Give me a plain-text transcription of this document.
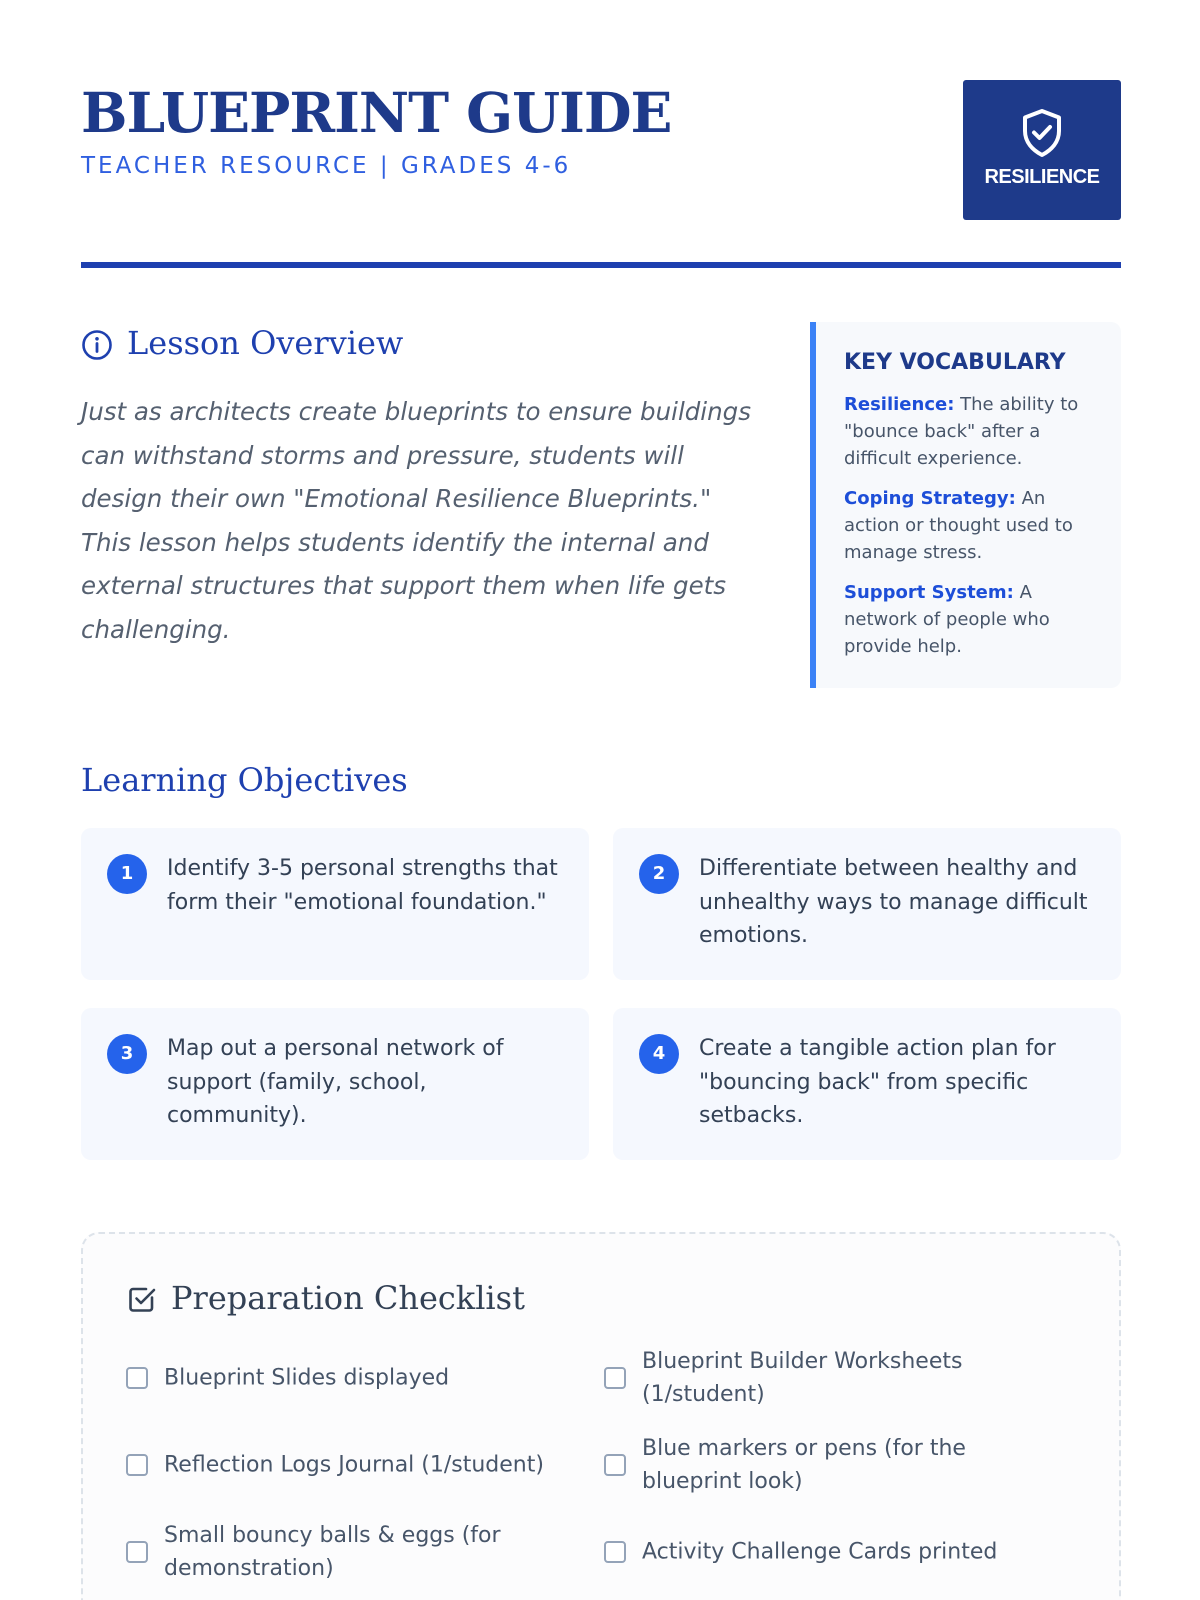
BLUEPRINT GUIDE
TEACHER RESOURCE | GRADES 4-6	RESILIENCE
Lesson Overview

Just as architects create blueprints to ensure buildings can withstand storms and pressure, students will design their own "Emotional Resilience Blueprints." This lesson helps students identify the internal and external structures that support them when life gets challenging.

KEY VOCABULARY
Resilience: The ability to "bounce back" after a difficult experience.
Coping Strategy: An action or thought used to manage stress.
Support System: A network of people who provide help.
Learning Objectives
1	Identify 3-5 personal strengths that form their "emotional foundation."
2	Differentiate between healthy and unhealthy ways to manage difficult emotions.
3	Map out a personal network of support (family, school, community).
4	Create a tangible action plan for "bouncing back" from specific setbacks.
Preparation Checklist
Blueprint Slides displayed
Blueprint Builder Worksheets (1/student)
Reflection Logs Journal (1/student)
Blue markers or pens (for the blueprint look)
Small bouncy balls & eggs (for demonstration)
Activity Challenge Cards printed
